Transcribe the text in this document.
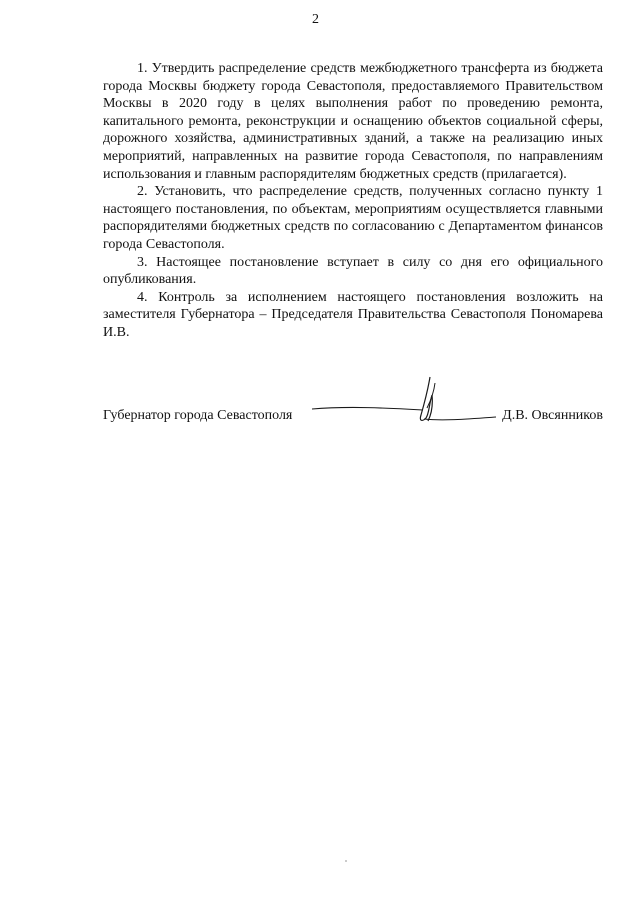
2

1. Утвердить распределение средств межбюджетного трансферта из бюджета города Москвы бюджету города Севастополя, предоставляемого Правительством Москвы в 2020 году в целях выполнения работ по проведению ремонта, капитального ремонта, реконструкции и оснащению объектов социальной сферы, дорожного хозяйства, административных зданий, а также на реализацию иных мероприятий, направленных на развитие города Севастополя, по направлениям использования и главным распорядителям бюджетных средств (прилагается).

2. Установить, что распределение средств, полученных согласно пункту 1 настоящего постановления, по объектам, мероприятиям осуществляется главными распорядителями бюджетных средств по согласованию с Департаментом финансов города Севастополя.

3. Настоящее постановление вступает в силу со дня его официального опубликования.

4. Контроль за исполнением настоящего постановления возложить на заместителя Губернатора – Председателя Правительства Севастополя Пономарева И.В.

Губернатор города Севастополя	Д.В. Овсянников
